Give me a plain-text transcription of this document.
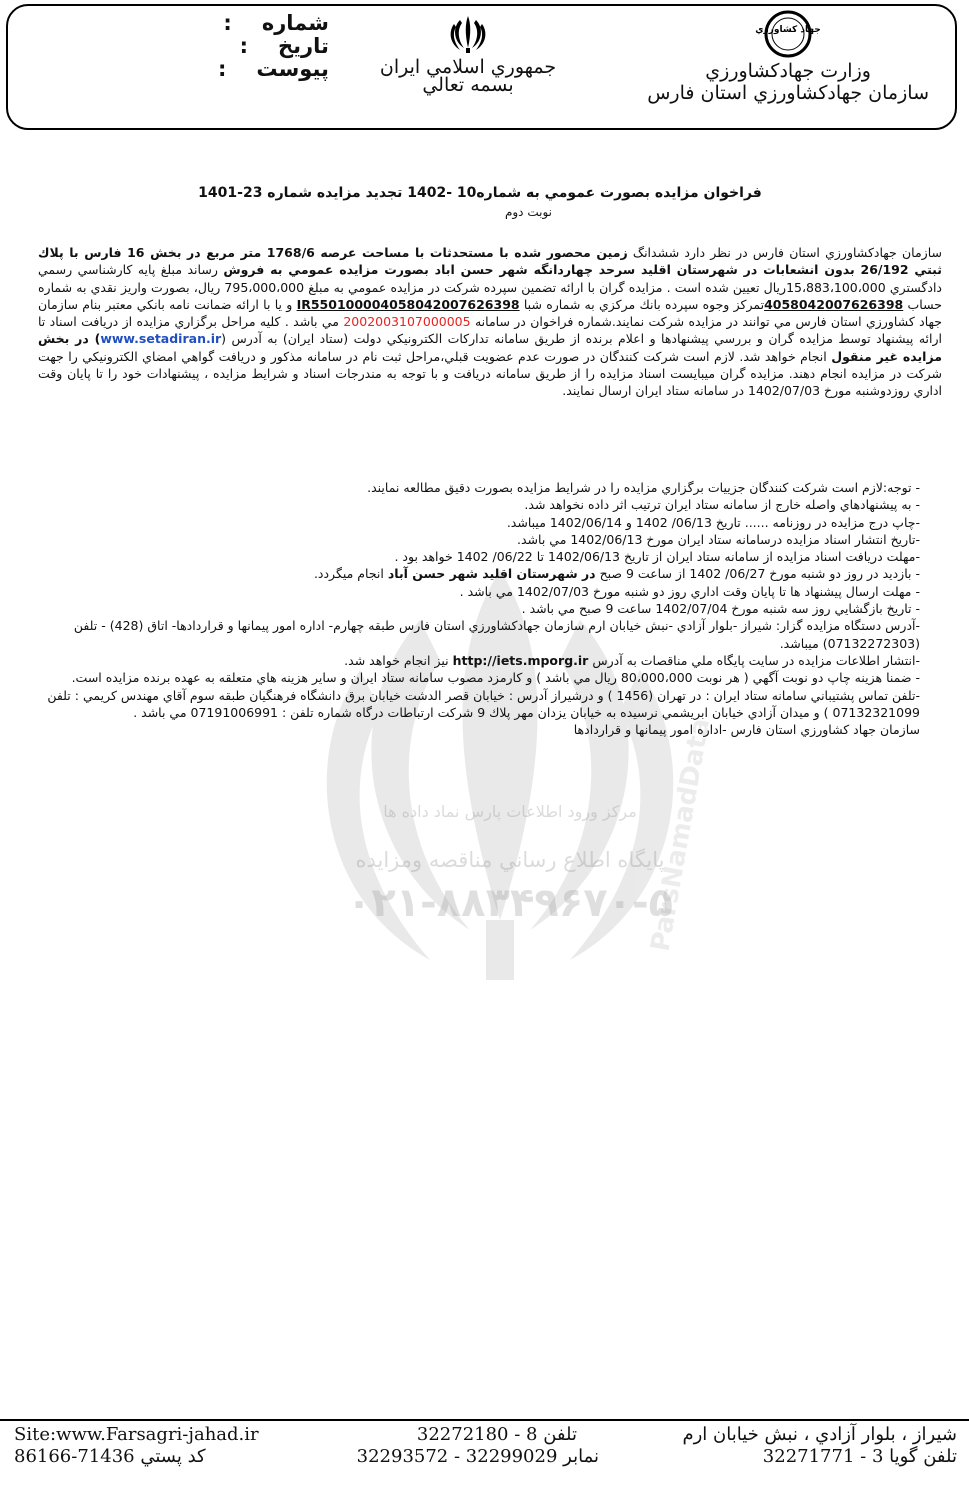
شماره
:
تاريخ
:
پيوست
:	جمهوري اسلامي ايران
بسمه تعالي
جهاد كشاورزي
وزارت جهادكشاورزي
سازمان جهادكشاورزي استان فارس
فراخوان مزايده بصورت عمومي به شماره10 -1402 تجديد مزايده شماره 23-1401
نوبت دوم
مركز ورود اطلاعات پارس نماد داده ها
پايگاه اطلاع رساني مناقصه ومزايده
۰۲۱-۸۸۳۴۹۶۷۰-۵
ParsNamadData
سازمان جهادكشاورزي استان فارس در نظر دارد ششدانگ زمين محصور شده با مستحدثات با مساحت عرصه 1768/6 متر مربع در بخش 16 فارس با پلاك ثبتي 26/192 بدون انشعابات در شهرستان اقليد سرحد چهاردانگه شهر حسن اباد بصورت مزايده عمومي به فروش رساند مبلغ پايه كارشناسي رسمي دادگستري 15،883،100،000ريال تعيين شده است . مزايده گران با ارائه تضمين سپرده شركت در مزايده عمومي به مبلغ 795،000،000 ريال، بصورت واريز نقدي به شماره حساب 4058042007626398تمركز وجوه سپرده بانك مركزي به شماره شبا IR550100004058042007626398 و يا با ارائه ضمانت نامه بانكي معتبر بنام سازمان جهاد كشاورزي استان فارس مي توانند در مزايده شركت نمايند.شماره فراخوان در سامانه 2002003107000005 مي باشد . كليه مراحل برگزاري مزايده از دريافت اسناد تا ارائه پيشنهاد توسط مزايده گران و بررسي پيشنهادها و اعلام برنده از طريق سامانه تداركات الكترونيكي دولت (ستاد ايران) به آدرس (www.setadiran.ir) در بخش مزايده غير منقول انجام خواهد شد. لازم است شركت كنندگان در صورت عدم عضويت قبلي،مراحل ثبت نام در سامانه مذكور و دريافت گواهي امضاي الكترونيكي را جهت شركت در مزايده انجام دهند. مزايده گران ميبايست اسناد مزايده را از طريق سامانه دريافت و با توجه به مندرجات اسناد و شرايط مزايده ، پيشنهادات خود را تا پايان وقت اداري روزدوشنبه مورخ 1402/07/03 در سامانه ستاد ايران ارسال نمايند.
- توجه:لازم است شركت كنندگان جزييات برگزاري مزايده را در شرايط مزايده بصورت دقيق مطالعه نمايند.
- به پيشنهادهاي واصله خارج از سامانه ستاد ايران ترتيب اثر داده نخواهد شد.
-چاپ درج مزايده در روزنامه ...... تاريخ 06/13/ 1402 و 1402/06/14 ميباشد.
-تاريخ انتشار اسناد مزايده درسامانه ستاد ايران مورخ 1402/06/13 مي باشد.
-مهلت دريافت اسناد مزايده از سامانه ستاد ايران از تاريخ 1402/06/13 تا 06/22/ 1402 خواهد بود .
- بازديد در روز دو شنبه مورخ 06/27/ 1402 از ساعت 9 صبح در شهرستان اقليد شهر حسن آباد انجام ميگردد.
- مهلت ارسال پيشنهاد ها تا پايان وقت اداري روز دو شنبه مورخ 1402/07/03 مي باشد .
- تاريخ بازگشايي روز سه شنبه مورخ 1402/07/04 ساعت 9 صبح مي باشد .
-آدرس دستگاه مزايده گزار: شيراز -بلوار آزادي -نبش خيابان ارم سازمان جهادكشاورزي استان فارس طبقه چهارم- اداره امور پيمانها و قراردادها- اتاق (428) - تلفن (07132272303) ميباشد.
-انتشار اطلاعات مزايده در سايت پايگاه ملي مناقصات به آدرس http://iets.mporg.ir نيز انجام خواهد شد.
- ضمنا هزينه چاپ دو نوبت آگهي ( هر نوبت 80،000،000 ريال مي باشد ) و كارمزد مصوب سامانه ستاد ايران و ساير هزينه هاي متعلقه به عهده برنده مزايده است.
-تلفن تماس پشتيباني سامانه ستاد ايران : در تهران (1456 ) و درشيراز آدرس : خيابان قصر الدشت خيابان برق دانشگاه فرهنگيان طبقه سوم آقاي مهندس كريمي : تلفن 07132321099 ) و ميدان آزادي خيابان ابريشمي نرسيده به خيابان يزدان مهر پلاك 9 شركت ارتباطات درگاه شماره تلفن : 07191006991 مي باشد .
سازمان جهاد كشاورزي استان فارس -اداره امور پيمانها و قراردادها
شيراز ، بلوار آزادي ، نبش خيابان ارم
تلفن گويا 3 - 32271771
تلفن 8 - 32272180
نمابر 32299029 - 32293572
Site:www.Farsagri-jahad.ir
كد پستي 71436-86166
